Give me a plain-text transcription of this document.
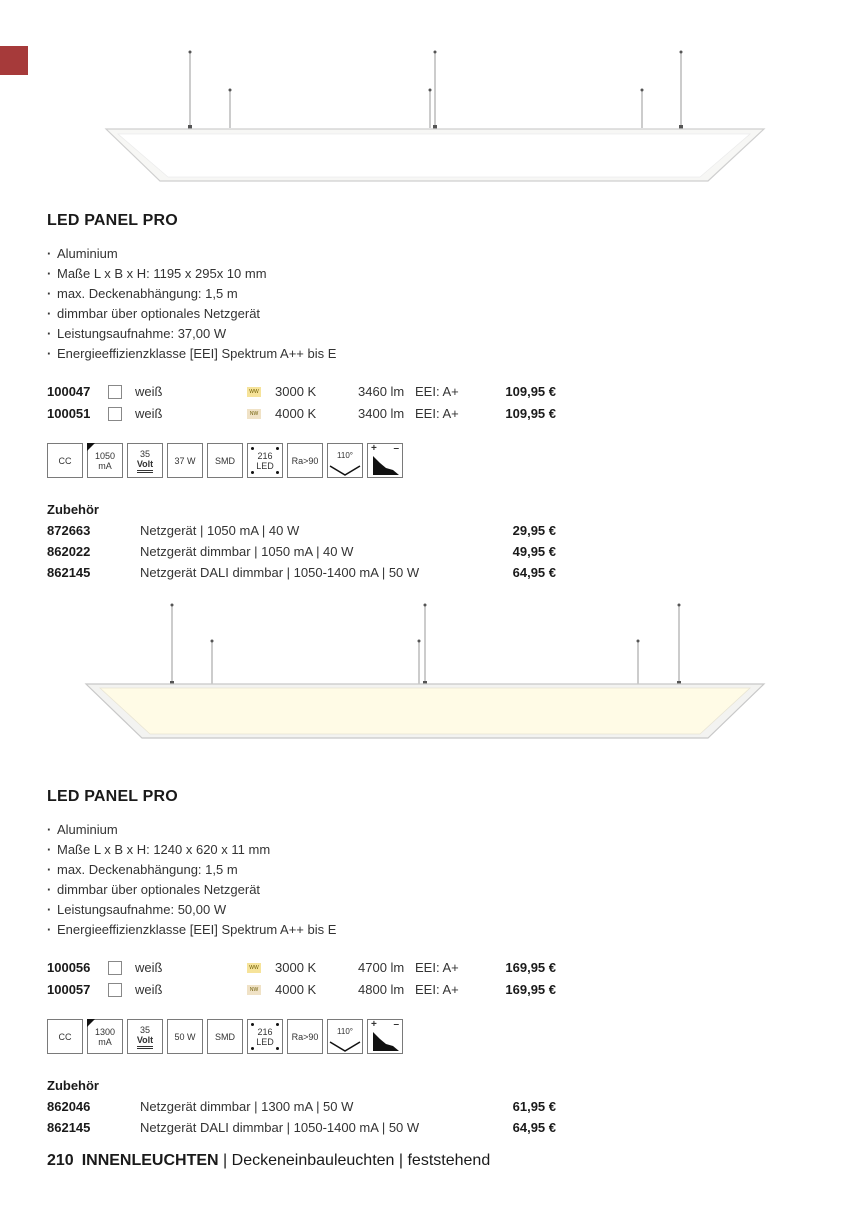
LED PANEL PRO
· Aluminium
· Maße L x B x H: 1195 x 295x 10 mm
· max. Deckenabhängung: 1,5 m
· dimmbar über optionales Netzgerät
· Leistungsaufnahme: 37,00 W
· Energieeffizienzklasse [EEI] Spektrum A++ bis E
100047	weiß	WW 3000 K	3460 lm EEI: A+	109,95 €
100051	weiß	NW 4000 K	3400 lm EEI: A+	109,95 €
CC	1050 mA
35
Volt 37 W SMD 216
LED Ra>90
110°
+ –
Zubehör
872663	Netzgerät | 1050 mA | 40 W	29,95 €
862022	Netzgerät dimmbar | 1050 mA | 40 W	49,95 €
862145	Netzgerät DALI dimmbar | 1050-1400 mA | 50 W	64,95 €
LED PANEL PRO
· Aluminium
· Maße L x B x H: 1240 x 620 x 11 mm
· max. Deckenabhängung: 1,5 m
· dimmbar über optionales Netzgerät
· Leistungsaufnahme: 50,00 W
· Energieeffizienzklasse [EEI] Spektrum A++ bis E
100056	weiß	WW 3000 K	4700 lm EEI: A+	169,95 €
100057	weiß	NW 4000 K	4800 lm EEI: A+	169,95 €
CC	1300 mA
35
Volt 50 W SMD 216
LED Ra>90
110°
+ –
Zubehör
862046	Netzgerät dimmbar | 1300 mA | 50 W	61,95 €
862145	Netzgerät DALI dimmbar | 1050-1400 mA | 50 W	64,95 €
210 INNENLEUCHTEN | Deckeneinbauleuchten | feststehend
